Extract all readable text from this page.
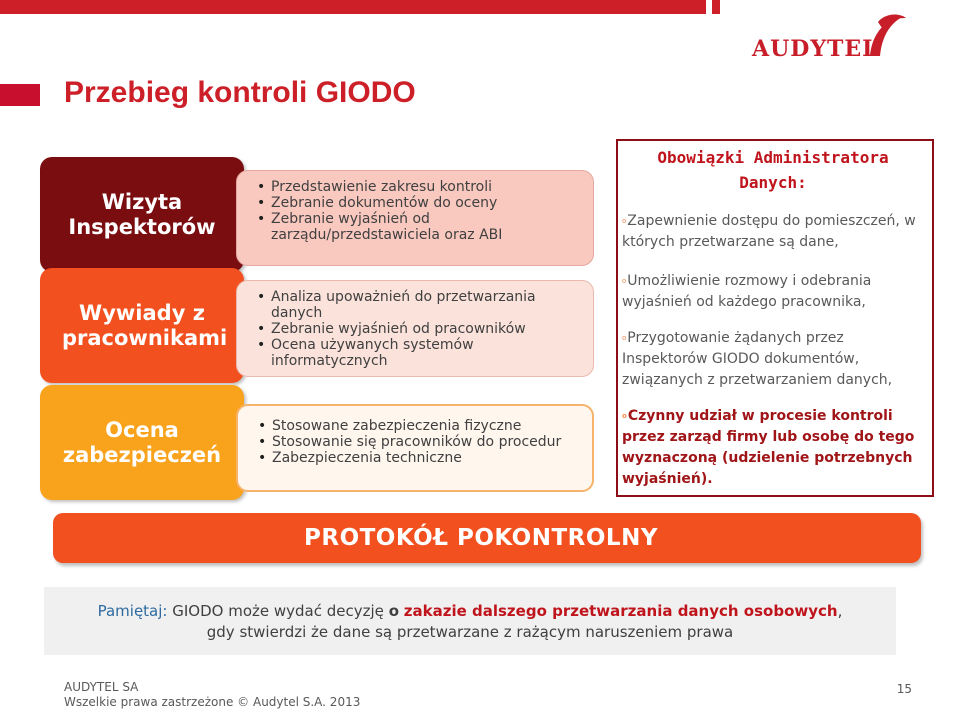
AUDYTEL
Przebieg kontroli GIODO
Wizyta Inspektorów
Wywiady z pracownikami
Ocena zabezpieczeń
• Przedstawienie zakresu kontroli
• Zebranie dokumentów do oceny
• Zebranie wyjaśnień od zarządu/przedstawiciela oraz ABI
• Analiza upoważnień do przetwarzania danych
• Zebranie wyjaśnień od pracowników
• Ocena używanych systemów informatycznych
• Stosowane zabezpieczenia fizyczne
• Stosowanie się pracowników do procedur
• Zabezpieczenia techniczne
Obowiązki Administratora
Danych:
oZapewnienie dostępu do pomieszczeń, w których przetwarzane są dane,
oUmożliwienie rozmowy i odebrania wyjaśnień od każdego pracownika,
oPrzygotowanie żądanych przez Inspektorów GIODO dokumentów, związanych z przetwarzaniem danych,
oCzynny udział w procesie kontroli przez zarząd firmy lub osobę do tego wyznaczoną (udzielenie potrzebnych wyjaśnień).
PROTOKÓŁ POKONTROLNY
Pamiętaj: GIODO może wydać decyzję o zakazie dalszego przetwarzania danych osobowych,
gdy stwierdzi że dane są przetwarzane z rażącym naruszeniem prawa
AUDYTEL SA
Wszelkie prawa zastrzeżone © Audytel S.A. 2013
15
